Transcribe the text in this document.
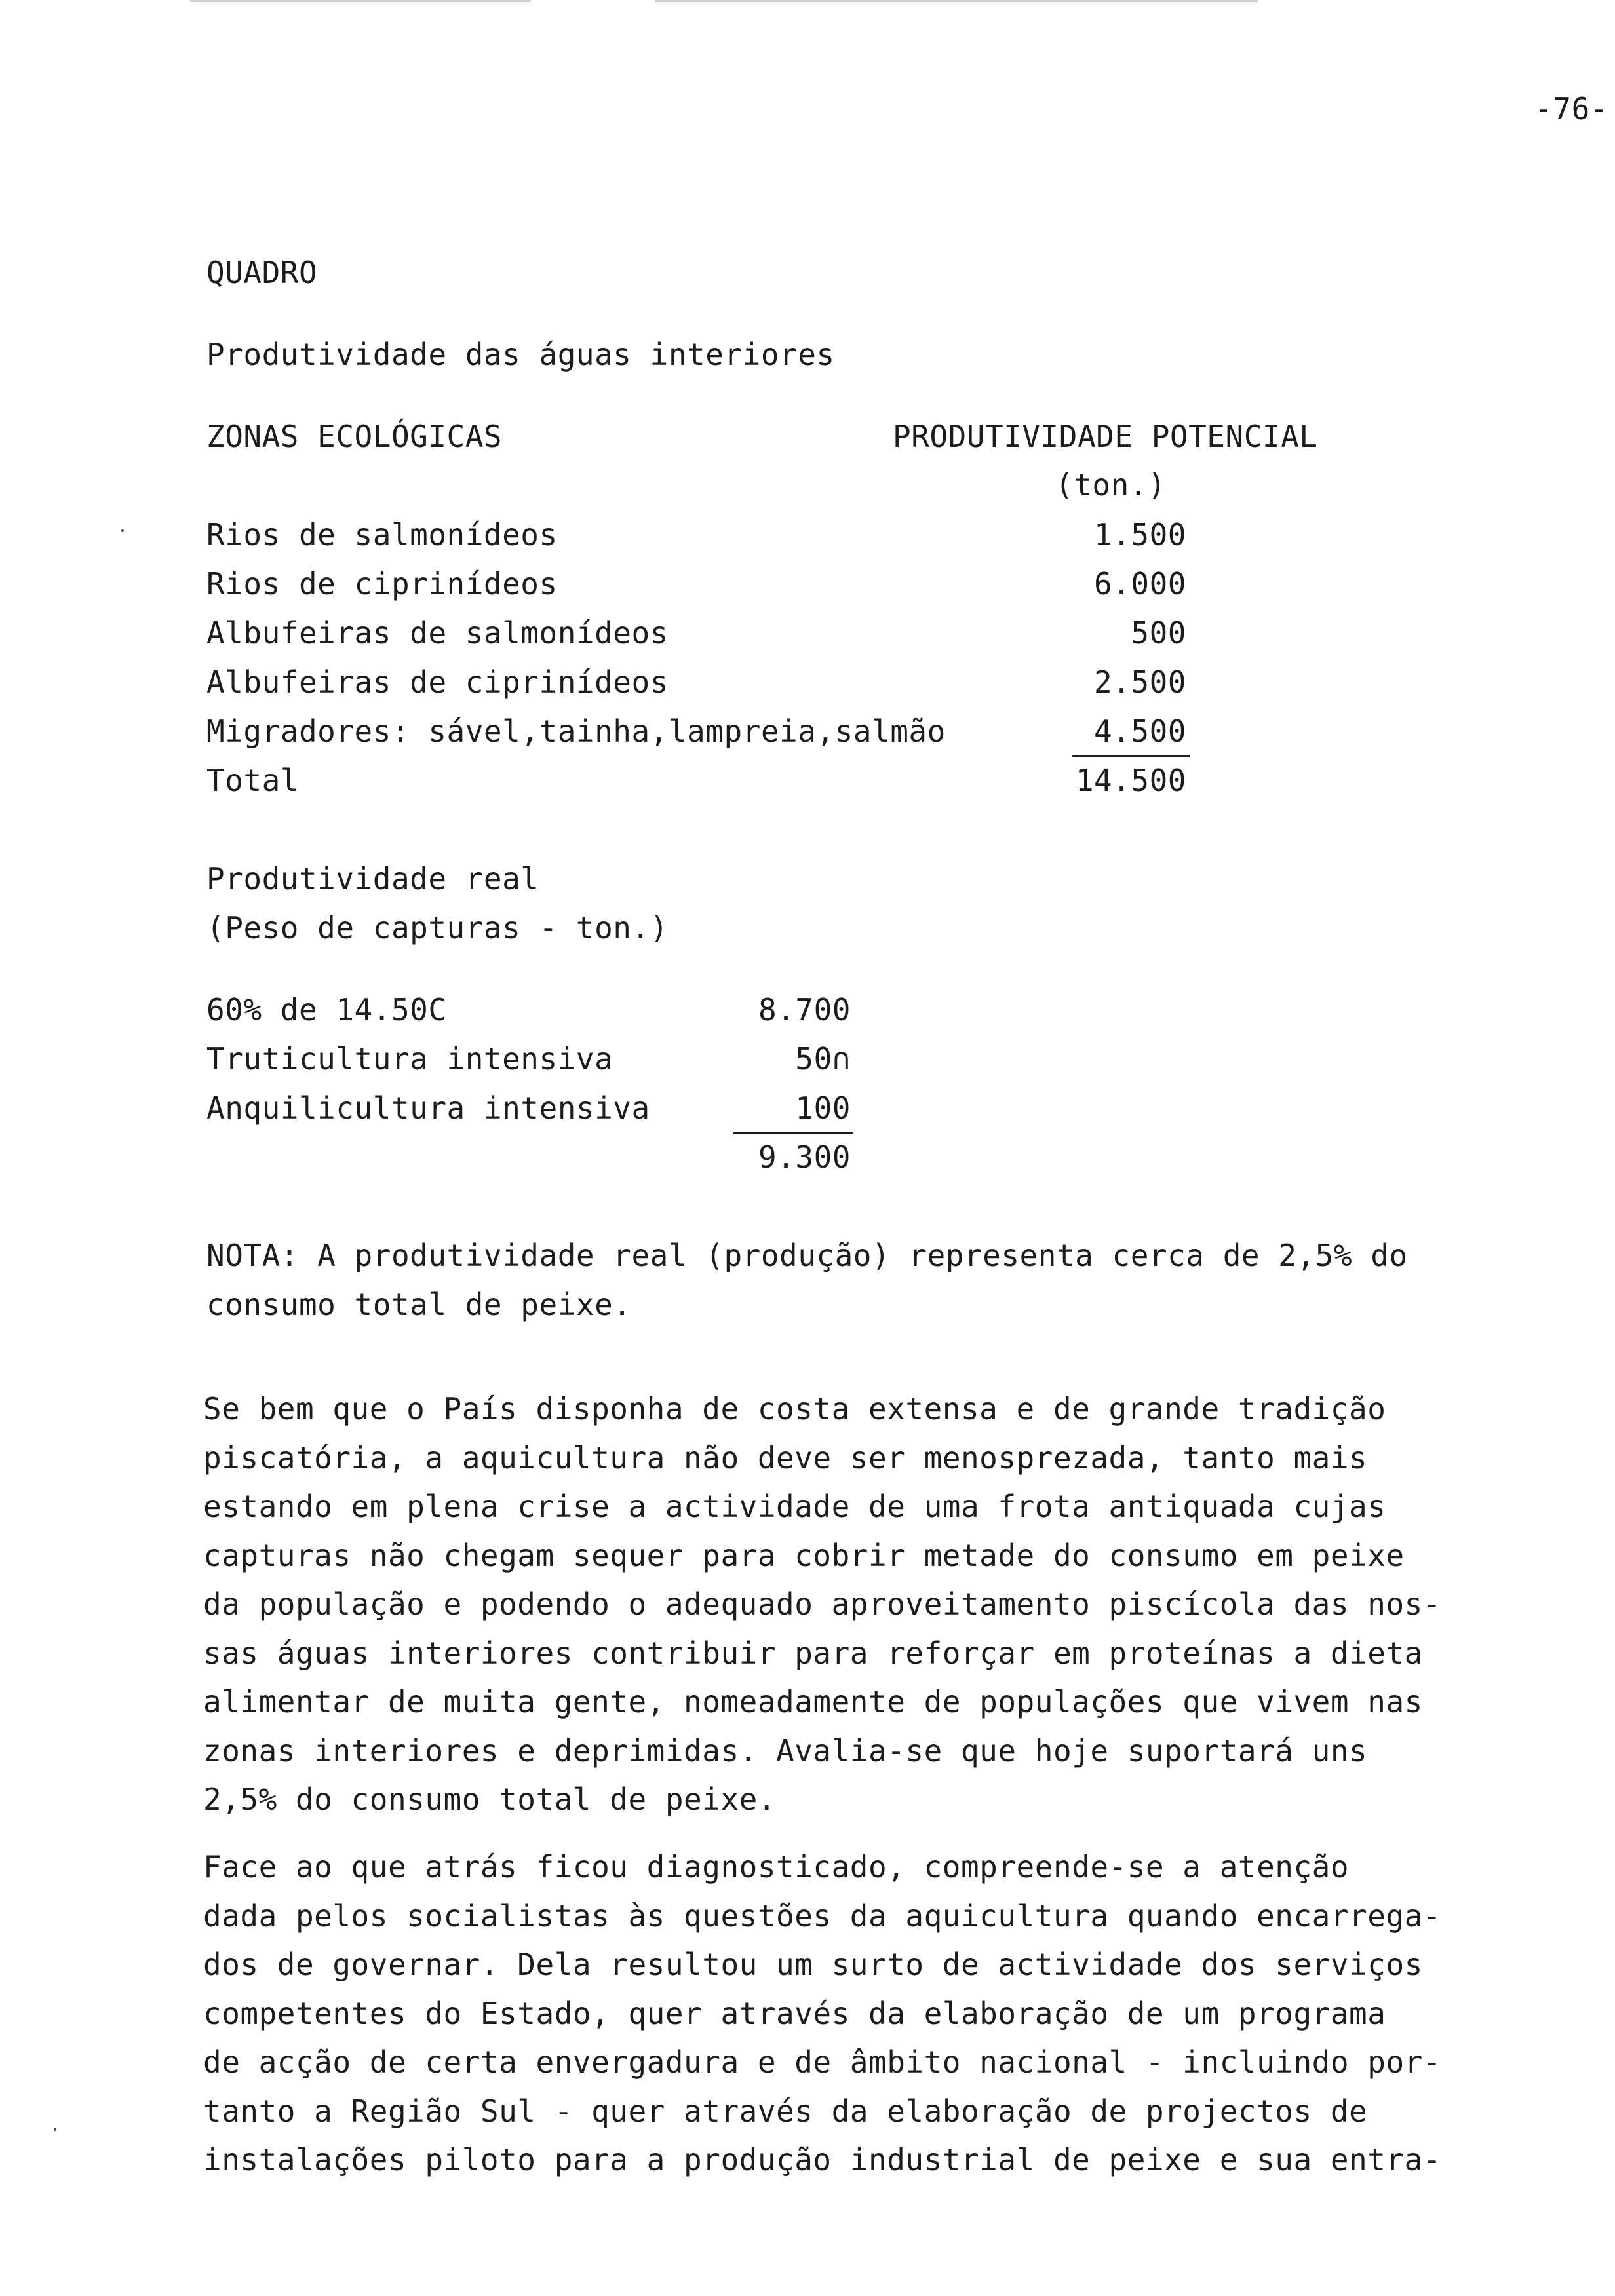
-76-
QUADRO
Produtividade das águas interiores
ZONAS ECOLÓGICAS	PRODUTIVIDADE POTENCIAL
(ton.)
Rios de salmonídeos	1.500
Rios de ciprinídeos	6.000
Albufeiras de salmonídeos	500
Albufeiras de ciprinídeos	2.500
Migradores: sável,tainha,lampreia,salmão	4.500
Total	14.500
Produtividade real
(Peso de capturas - ton.)
60% de 14.50C	8.700
Truticultura intensiva	50∩
Anquilicultura intensiva	100
9.300
NOTA: A produtividade real (produção) representa cerca de 2,5% do
consumo total de peixe.
Se bem que o País disponha de costa extensa e de grande tradição
piscatória, a aquicultura não deve ser menosprezada, tanto mais
estando em plena crise a actividade de uma frota antiquada cujas
capturas não chegam sequer para cobrir metade do consumo em peixe
da população e podendo o adequado aproveitamento piscícola das nos-
sas águas interiores contribuir para reforçar em proteínas a dieta
alimentar de muita gente, nomeadamente de populações que vivem nas
zonas interiores e deprimidas. Avalia-se que hoje suportará uns
2,5% do consumo total de peixe.
Face ao que atrás ficou diagnosticado, compreende-se a atenção
dada pelos socialistas às questões da aquicultura quando encarrega-
dos de governar. Dela resultou um surto de actividade dos serviços
competentes do Estado, quer através da elaboração de um programa
de acção de certa envergadura e de âmbito nacional - incluindo por-
tanto a Região Sul - quer através da elaboração de projectos de
instalações piloto para a produção industrial de peixe e sua entra-
